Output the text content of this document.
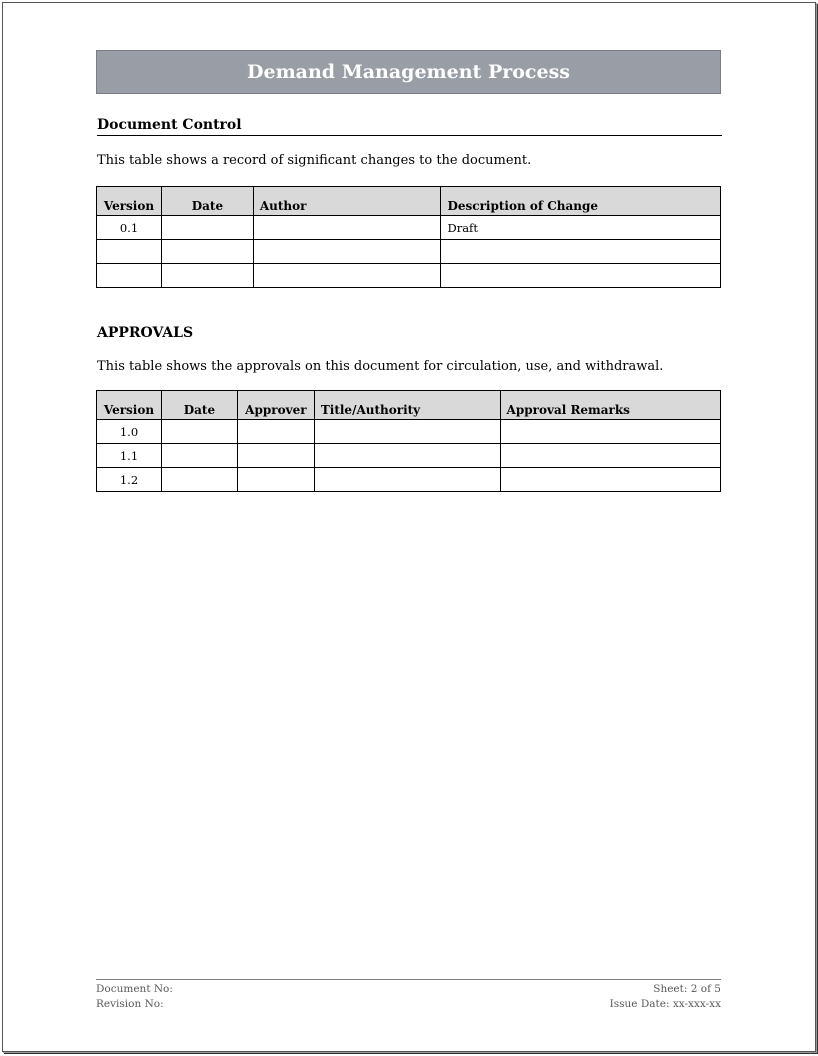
Demand Management Process
Document Control
This table shows a record of significant changes to the document.
Version	Date	Author	Description of Change
0.1			Draft

APPROVALS
This table shows the approvals on this document for circulation, use, and withdrawal.
Version	Date	Approver	Title/Authority	Approval Remarks
1.0				
1.1				
1.2				
Document No:
Revision No:
Sheet: 2 of 5
Issue Date: xx-xxx-xx
